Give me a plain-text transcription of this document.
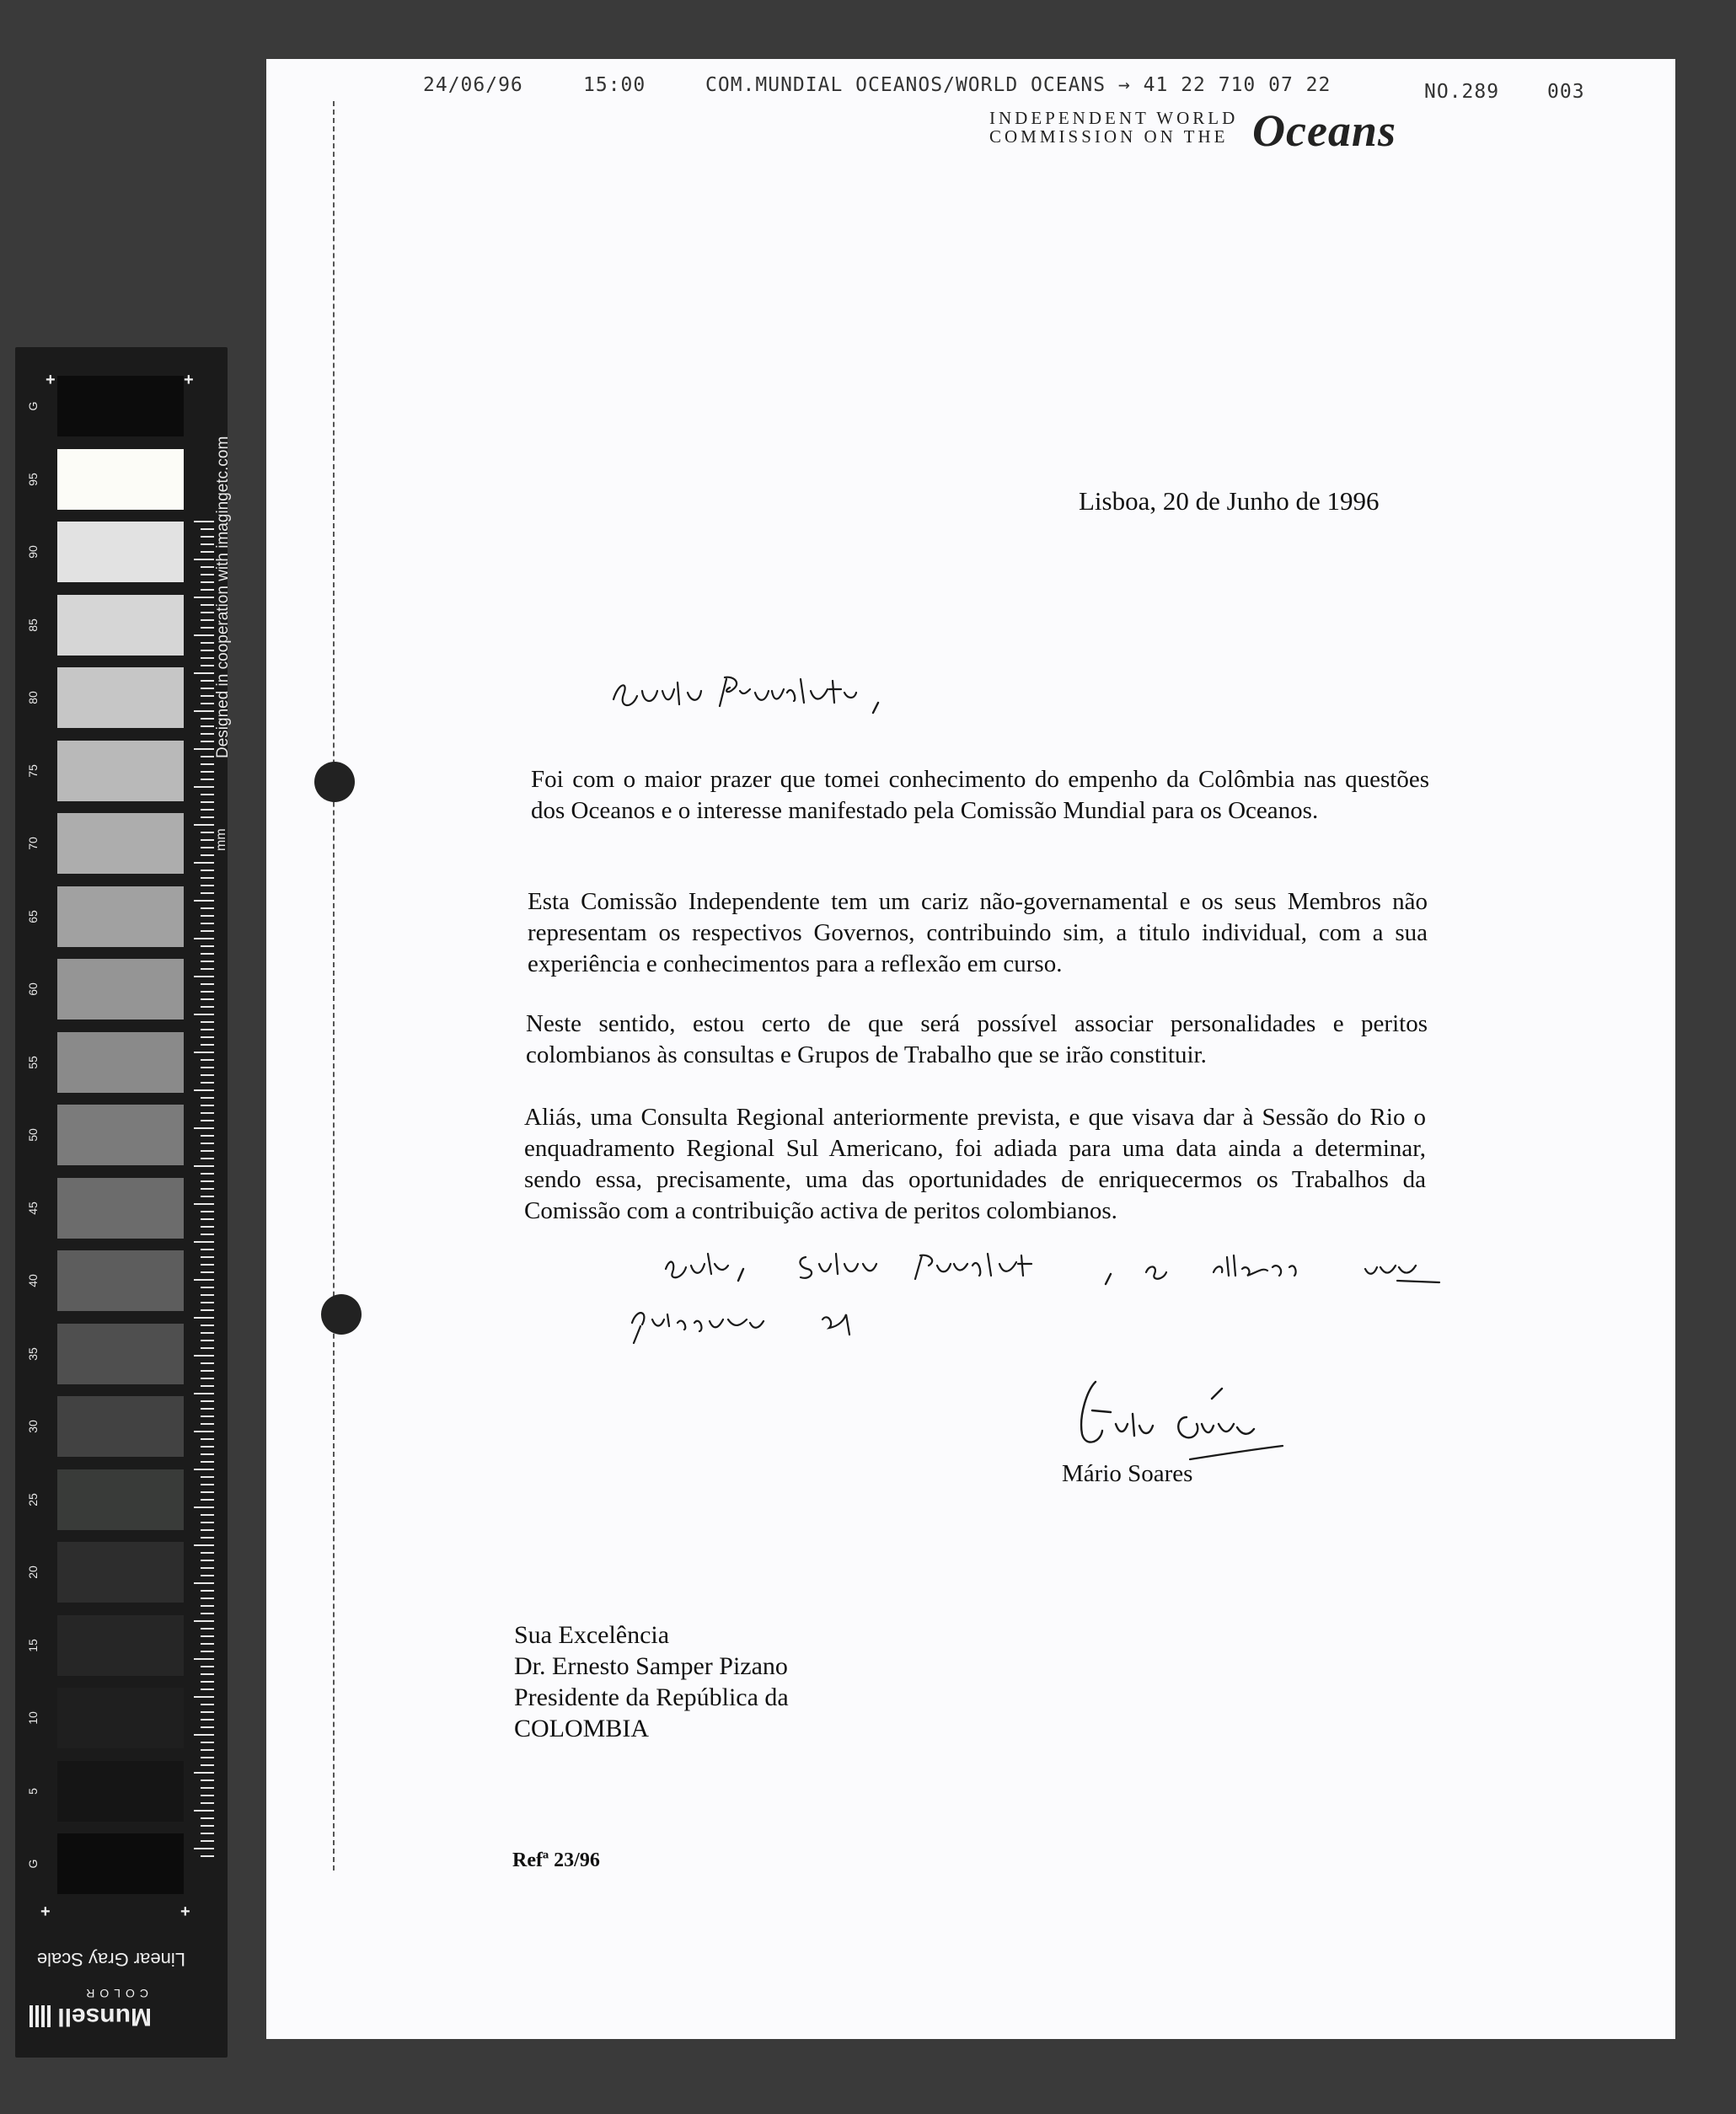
+	+
+	+
G
95
90
85
80
75
70
65
60
55
50
45
40
35
30
25
20
15
10
5
G
Designed in cooperation with imagingetc.com
mm
Linear Gray Scale
Munsell
COLOR
24/06/96	15:00	COM.MUNDIAL OCEANOS/WORLD OCEANS → 41 22 710 07 22	NO.289 003
INDEPENDENT WORLD
COMMISSION ON THE Oceans
Lisboa, 20 de Junho de 1996
Foi com o maior prazer que tomei conhecimento do empenho da Colômbia nas questões dos Oceanos e o interesse manifestado pela Comissão Mundial para os Oceanos.
Esta Comissão Independente tem um cariz não-governamental e os seus Membros não representam os respectivos Governos, contribuindo sim, a titulo individual, com a sua experiência e conhecimentos para a reflexão em curso.
Neste sentido, estou certo de que será possível associar personalidades e peritos colombianos às consultas e Grupos de Trabalho que se irão constituir.
Aliás, uma Consulta Regional anteriormente prevista, e que visava dar à Sessão do Rio o enquadramento Regional Sul Americano, foi adiada para uma data ainda a determinar, sendo essa, precisamente, uma das oportunidades de enriquecermos os Trabalhos da Comissão com a contribuição activa de peritos colombianos.
Mário Soares
Sua Excelência
Dr. Ernesto Samper Pizano
Presidente da República da
COLOMBIA
Refª 23/96
